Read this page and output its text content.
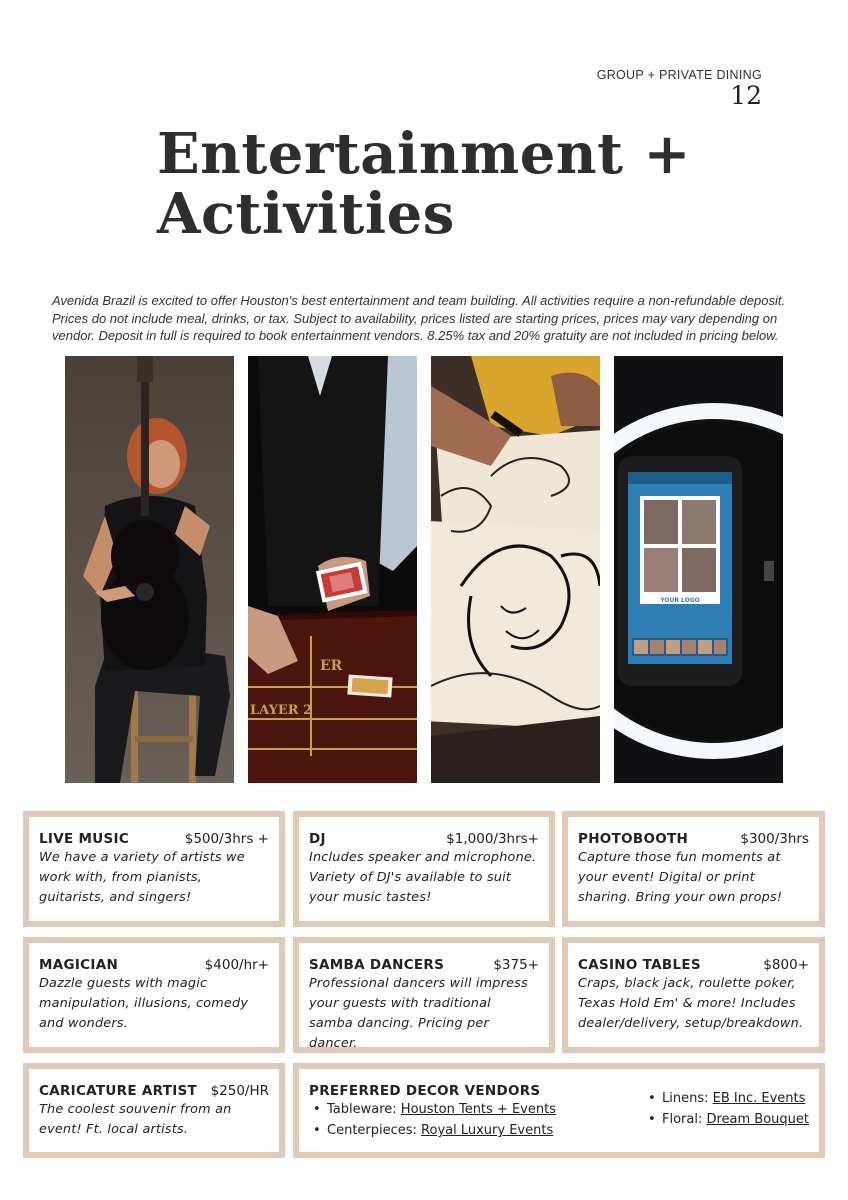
GROUP + PRIVATE DINING
12
Entertainment +
Activities

Avenida Brazil is excited to offer Houston's best entertainment and team building. All activities require a non-refundable deposit. Prices do not include meal, drinks, or tax. Subject to availability, prices listed are starting prices, prices may vary depending on vendor. Deposit in full is required to book entertainment vendors. 8.25% tax and 20% gratuity are not included in pricing below.

ER
LAYER 2
YOUR LOGO
LIVE MUSIC	$500/3hrs +
We have a variety of artists we work with, from pianists, guitarists, and singers!
DJ	$1,000/3hrs+
Includes speaker and microphone. Variety of DJ's available to suit your music tastes!
PHOTOBOOTH	$300/3hrs
Capture those fun moments at your event! Digital or print sharing. Bring your own props!
MAGICIAN	$400/hr+
Dazzle guests with magic manipulation, illusions, comedy and wonders.
SAMBA DANCERS	$375+
Professional dancers will impress your guests with traditional samba dancing. Pricing per dancer.
CASINO TABLES	$800+
Craps, black jack, roulette poker, Texas Hold Em' & more! Includes dealer/delivery, setup/breakdown.
CARICATURE ARTIST $250/HR
The coolest souvenir from an event! Ft. local artists.
PREFERRED DECOR VENDORS
• Tableware: Houston Tents + Events
• Centerpieces: Royal Luxury Events
• Linens: EB Inc. Events
• Floral: Dream Bouquet
